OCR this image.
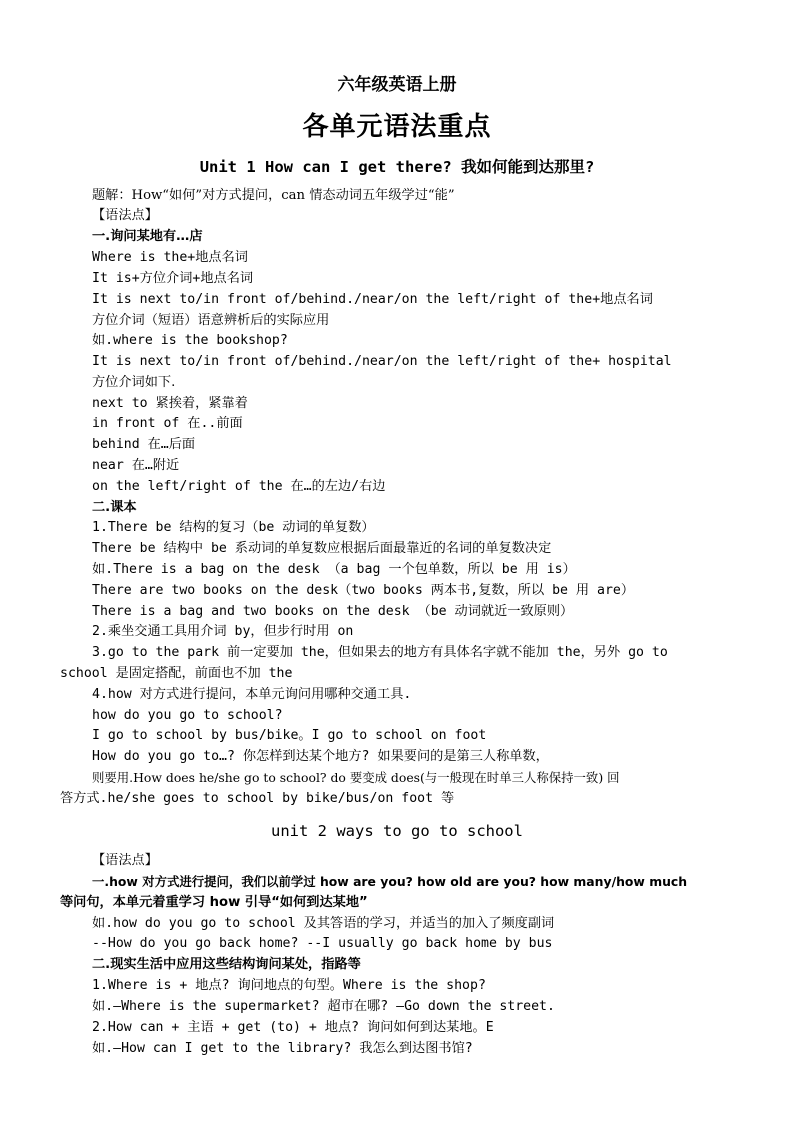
六年级英语上册
各单元语法重点
Unit 1 How can I get there? 我如何能到达那里?
题解：How“如何”对方式提问，can 情态动词五年级学过“能”
【语法点】
一.询问某地有…店
Where is the+地点名词
It is+方位介词+地点名词
It is next to/in front of/behind./near/on the left/right of the+地点名词
方位介词（短语）语意辨析后的实际应用
如.where is the bookshop?
It is next to/in front of/behind./near/on the left/right of the+ hospital
方位介词如下.
next to 紧挨着，紧靠着
in front of 在..前面
behind 在…后面
near 在…附近
on the left/right of the 在…的左边/右边
二.课本
1.There be 结构的复习（be 动词的单复数）
There be 结构中 be 系动词的单复数应根据后面最靠近的名词的单复数决定
如.There is a bag on the desk （a bag 一个包单数，所以 be 用 is）
There are two books on the desk（two books 两本书,复数，所以 be 用 are）
There is a bag and two books on the desk （be 动词就近一致原则）
2.乘坐交通工具用介词 by，但步行时用 on
3.go to the park 前一定要加 the，但如果去的地方有具体名字就不能加 the，另外 go to
school 是固定搭配，前面也不加 the
4.how 对方式进行提问，本单元询问用哪种交通工具.
how do you go to school?
I go to school by bus/bike。I go to school on foot
How do you go to…? 你怎样到达某个地方? 如果要问的是第三人称单数，
则要用.How does he/she go to school? do 要变成 does(与一般现在时单三人称保持一致) 回
答方式.he/she goes to school by bike/bus/on foot 等
unit 2 ways to go to school
【语法点】
一.how 对方式进行提问，我们以前学过 how are you? how old are you? how many/how much
等问句，本单元着重学习 how 引导“如何到达某地”
如.how do you go to school 及其答语的学习，并适当的加入了频度副词
--How do you go back home? --I usually go back home by bus
二.现实生活中应用这些结构询问某处，指路等
1.Where is + 地点? 询问地点的句型。Where is the shop?
如.—Where is the supermarket? 超市在哪? —Go down the street.
2.How can + 主语 + get (to) + 地点? 询问如何到达某地。E
如.—How can I get to the library? 我怎么到达图书馆?
